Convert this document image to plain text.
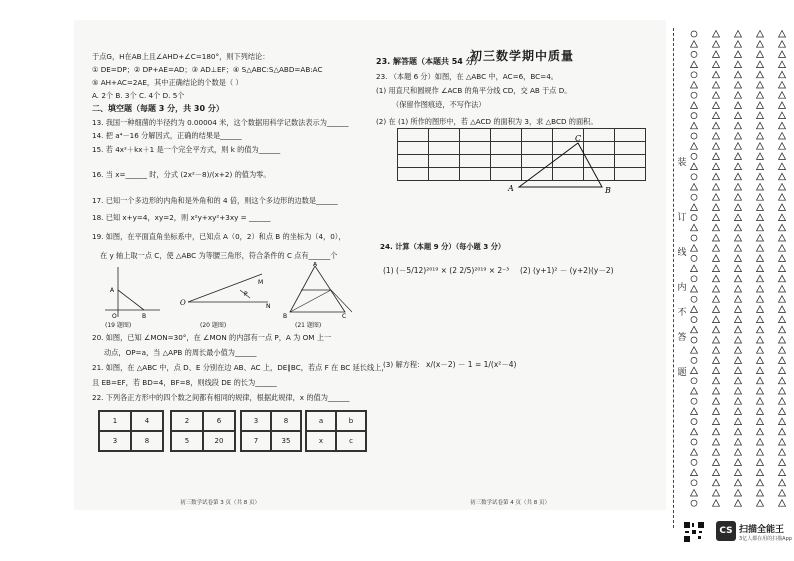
于点G，H在AB上且∠AHD+∠C=180°，则下列结论：
① DE=DP；② DP+AE=AD；③ AD⊥EF；④ S△ABC:S△ABD=AB:AC
⑤ AH+AC=2AE，其中正确结论的个数是（ ）
A. 2个 B. 3个 C. 4个 D. 5个
二、填空题（每题 3 分，共 30 分）
13. 我国一种细菌的半径约为 0.00004 米，这个数据用科学记数法表示为______
14. 把 a⁴－16 分解因式，正确的结果是______
15. 若 4x²＋kx＋1 是一个完全平方式，则 k 的值为______
16. 当 x=______ 时，分式 (2x²－8)/(x+2) 的值为零。
17. 已知一个多边形的内角和是外角和的 4 倍，则这个多边形的边数是______
18. 已知 x+y=4，xy=2，则 x²y+xy²+3xy = ______
19. 如图，在平面直角坐标系中，已知点 A（0，2）和点 B 的坐标为（4，0），
在 y 轴上取一点 C，使 △ABC 为等腰三角形，符合条件的 C 点有______个
A
B
O
O
M
P
N
A
B	C
(19 题图)	(20 题图)	(21 题图)
20. 如图，已知 ∠MON=30°，在 ∠MON 的内部有一点 P，A 为 OM 上一
动点，OP=a，当 △APB 的周长最小值为______
21. 如图，在 △ABC 中，点 D、E 分别在边 AB、AC 上，DE∥BC，若点 F 在 BC 延长线上，
且 EB=EF，若 BD=4，BF=8，则线段 DE 的长为______
22. 下列各正方形中的四个数之间都有相同的规律，根据此规律，x 的值为______
1	4
3	8
2	6
5	20
3	8
7	35
a	b
x	c
初三数学试卷第 3 页（共 8 页）
初三数学期中质量
23. 解答题（本题共 54 分）
23. （本题 6 分）如图，在 △ABC 中，AC=6，BC=4。
(1) 用直尺和圆规作 ∠ACB 的角平分线 CD，交 AB 于点 D。
（保留作图痕迹，不写作法）
(2) 在 (1) 所作的图形中，若 △ACD 的面积为 3，求 △BCD 的面积。

A	B
C
24. 计算（本题 9 分）（每小题 3 分）
(1) (－5/12)²⁰¹⁹ × (2 2/5)²⁰¹⁹ × 2⁻³ (2) (y+1)² － (y+2)(y－2)
(3) 解方程： x/(x－2) － 1 = 1/(x²－4)
初三数学试卷第 4 页（共 8 页）
装
订
线
内
不
答
题
CS 扫描全能王
3亿人都在用的扫描App
